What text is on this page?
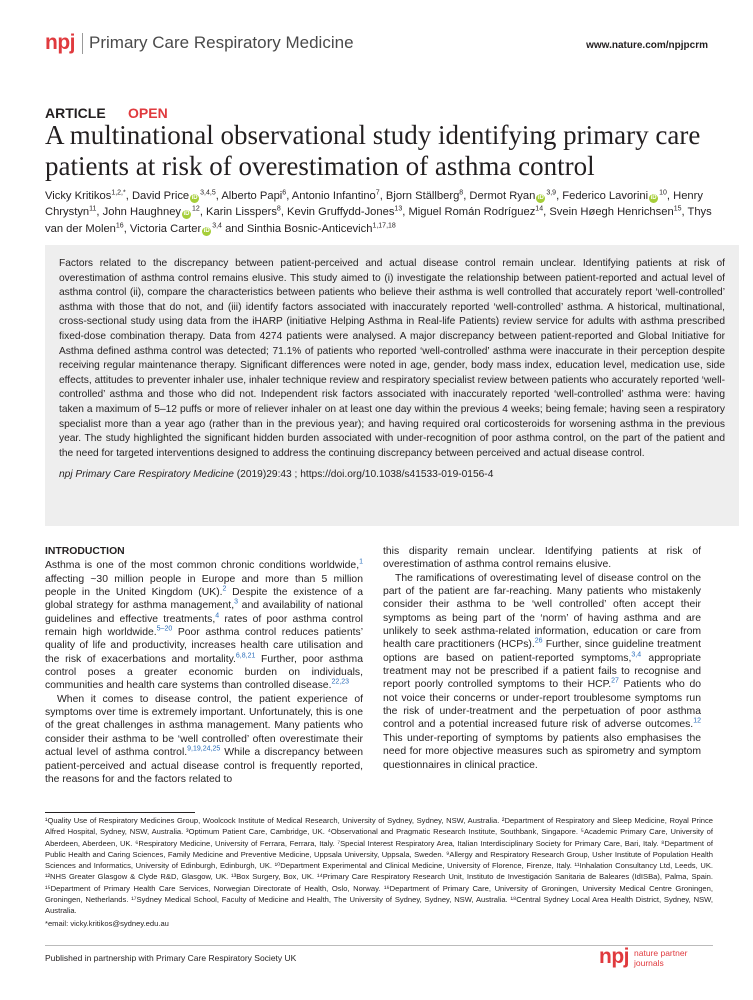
npj Primary Care Respiratory Medicine	www.nature.com/npjpcrm
ARTICLE OPEN
A multinational observational study identifying primary care patients at risk of overestimation of asthma control
Vicky Kritikos$^{1,2,*}$, David Price iD$^{3,4,5}$, Alberto Papi$^6$, Antonio Infantino$^7$, Bjorn Ställberg$^8$, Dermot Ryan iD$^{3,9}$, Federico Lavorini $iD^{10}$, Henry Chrystyn$^{11}$, John Haughney $iD^{12}$, Karin Lisspers$^8$, Kevin Gruffydd-Jones$^{13}$, Miguel Román Rodríguez$^{14}$, Svein Høegh Henrichsen$^{15}$, Thys van der Molen$^{16}$, Victoria Carter iD$^{3,4}$ and Sinthia Bosnic-Anticevich$^{1,17,18}$
Factors related to the discrepancy between patient-perceived and actual disease control remain unclear. Identifying patients at risk of overestimation of asthma control remains elusive. This study aimed to (i) investigate the relationship between patient-reported and actual level of asthma control (ii), compare the characteristics between patients who believe their asthma is well controlled that accurately report ‘well-controlled’ asthma with those that do not, and (iii) identify factors associated with inaccurately reported ‘well-controlled’ asthma. A historical, multinational, cross-sectional study using data from the iHARP (initiative Helping Asthma in Real-life Patients) review service for adults with asthma prescribed fixed-dose combination therapy. Data from 4274 patients were analysed. A major discrepancy between patient-reported and Global Initiative for Asthma defined asthma control was detected; 71.1% of patients who reported ‘well-controlled’ asthma were inaccurate in their perception despite receiving regular maintenance therapy. Significant differences were noted in age, gender, body mass index, education level, medication use, side effects, attitudes to preventer inhaler use, inhaler technique review and respiratory specialist review between patients who accurately reported ‘well-controlled’ asthma and those who did not. Independent risk factors associated with inaccurately reported ‘well-controlled’ asthma were: having taken a maximum of 5–12 puffs or more of reliever inhaler on at least one day within the previous 4 weeks; being female; having seen a respiratory specialist more than a year ago (rather than in the previous year); and having required oral corticosteroids for worsening asthma in the previous year. The study highlighted the significant hidden burden associated with under-recognition of poor asthma control, on the part of the patient and the need for targeted interventions designed to address the continuing discrepancy between perceived and actual disease control.
npj Primary Care Respiratory Medicine (2019)29:43 ; https://doi.org/10.1038/s41533-019-0156-4
INTRODUCTION

Asthma is one of the most common chronic conditions worldwide,$^1$ affecting ~30 million people in Europe and more than 5 million people in the United Kingdom (UK).$^2$ Despite the existence of a global strategy for asthma management,$^3$ and availability of national guidelines and effective treatments,$^4$ rates of poor asthma control remain high worldwide.$^{5-20}$ Poor asthma control reduces patients’ quality of life and productivity, increases health care utilisation and the risk of exacerbations and mortality.$^{6,8,21}$ Further, poor asthma control poses a greater economic burden on individuals, communities and health care systems than controlled disease.$^{22,23}$

When it comes to disease control, the patient experience of symptoms over time is extremely important. Unfortunately, this is one of the great challenges in asthma management. Many patients who consider their asthma to be ‘well controlled’ often overestimate their actual level of asthma control.$^{9,19,24,25}$ While a discrepancy between patient-perceived and actual disease control is frequently reported, the reasons for and the factors related to

this disparity remain unclear. Identifying patients at risk of overestimation of asthma control remains elusive.

The ramifications of overestimating level of disease control on the part of the patient are far-reaching. Many patients who mistakenly consider their asthma to be ‘well controlled’ often accept their symptoms as being part of the ‘norm’ of having asthma and are unlikely to seek asthma-related information, education or care from health care practitioners (HCPs).$^{26}$ Further, since guideline treatment options are based on patient-reported symptoms,$^{3,4}$ appropriate treatment may not be prescribed if a patient fails to recognise and report poorly controlled symptoms to their HCP.$^{27}$ Patients who do not voice their concerns or under-report troublesome symptoms run the risk of under-treatment and the perpetuation of poor asthma control and a potential increased future risk of adverse outcomes.$^{12}$ This under-reporting of symptoms by patients also emphasises the need for more objective measures such as spirometry and symptom questionnaires in clinical practice.

¹Quality Use of Respiratory Medicines Group, Woolcock Institute of Medical Research, University of Sydney, Sydney, NSW, Australia. ²Department of Respiratory and Sleep Medicine, Royal Prince Alfred Hospital, Sydney, NSW, Australia. ³Optimum Patient Care, Cambridge, UK. ⁴Observational and Pragmatic Research Institute, Southbank, Singapore. ⁵Academic Primary Care, University of Aberdeen, Aberdeen, UK. ⁶Respiratory Medicine, University of Ferrara, Ferrara, Italy. ⁷Special Interest Respiratory Area, Italian Interdisciplinary Society for Primary Care, Bari, Italy. ⁸Department of Public Health and Caring Sciences, Family Medicine and Preventive Medicine, Uppsala University, Uppsala, Sweden. ⁹Allergy and Respiratory Research Group, Usher Institute of Population Health Sciences and Informatics, University of Edinburgh, Edinburgh, UK. ¹⁰Department Experimental and Clinical Medicine, University of Florence, Firenze, Italy. ¹¹Inhalation Consultancy Ltd, Leeds, UK. ¹²NHS Greater Glasgow & Clyde R&D, Glasgow, UK. ¹³Box Surgery, Box, UK. ¹⁴Primary Care Respiratory Research Unit, Instituto de Investigación Sanitaria de Baleares (IdISBa), Palma, Spain. ¹⁵Department of Primary Health Care Services, Norwegian Directorate of Health, Oslo, Norway. ¹⁶Department of Primary Care, University of Groningen, University Medical Centre Groningen, Groningen, Netherlands. ¹⁷Sydney Medical School, Faculty of Medicine and Health, The University of Sydney, Sydney, NSW, Australia. ¹⁸Central Sydney Local Area Health District, Sydney, NSW, Australia.
*email: vicky.kritikos@sydney.edu.au
Published in partnership with Primary Care Respiratory Society UK	npj nature partner
journals
